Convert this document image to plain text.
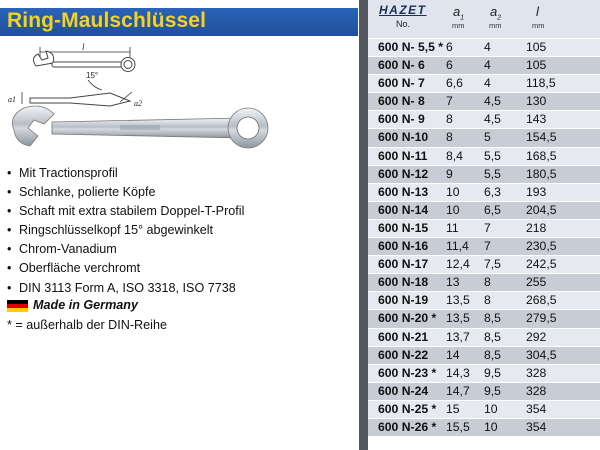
Ring-Maulschlüssel
l
a1
15°
a2
• Mit Tractionsprofil
• Schlanke, polierte Köpfe
• Schaft mit extra stabilem Doppel-T-Profil
• Ringschlüsselkopf 15° abgewinkelt
• Chrom-Vanadium
• Oberfläche verchromt
• DIN 3113 Form A, ISO 3318, ISO 7738
Made in Germany
* = außerhalb der DIN-Reihe
HAZET
No.
$a_1$ $a_2$	l
mm	mm	mm
600 N- 5,5 * 6	4	105
600 N- 6 6	4	105
600 N- 7 6,6 4	118,5
600 N- 8 7	4,5 130
600 N- 9 8	4,5 143
600 N-10 8	5	154,5
600 N-11 8,4 5,5 168,5
600 N-12 9	5,5 180,5
600 N-13 10 6,3 193
600 N-14 10 6,5 204,5
600 N-15 11 7	218
600 N-16 11,4 7	230,5
600 N-17 12,4 7,5 242,5
600 N-18 13 8	255
600 N-19 13,5 8	268,5
600 N-20 * 13,5 8,5 279,5
600 N-21 13,7 8,5 292
600 N-22 14 8,5 304,5
600 N-23 * 14,3 9,5 328
600 N-24 14,7 9,5 328
600 N-25 * 15 10 354
600 N-26 * 15,5 10 354
